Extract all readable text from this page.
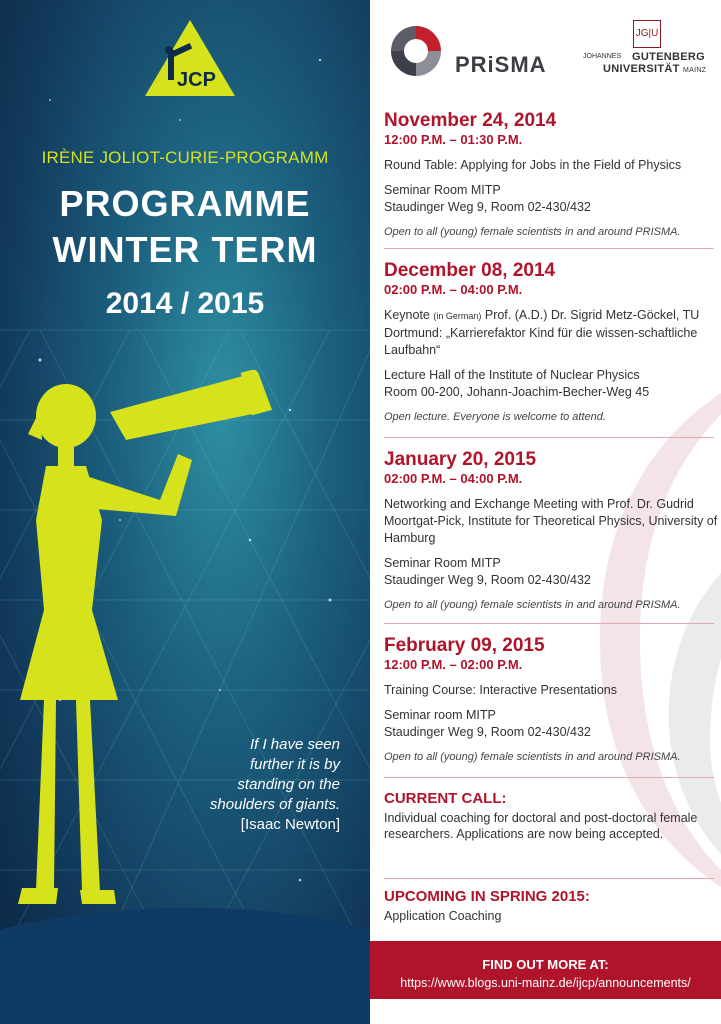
JCP
IRÈNE JOLIOT-CURIE-PROGRAMM
PROGRAMME
WINTER TERM
2014 / 2015
If I have seen
further it is by
standing on the
shoulders of giants.
[Isaac Newton]
PRiSMA
JG|U
JOHANNES GUTENBERG
UNIVERSITÄT MAINZ
November 24, 2014
12:00 P.M. – 01:30 P.M.

Round Table: Applying for Jobs in the Field of Physics

Seminar Room MITP
Staudinger Weg 9, Room 02-430/432

Open to all (young) female scientists in and around PRISMA.

December 08, 2014
02:00 P.M. – 04:00 P.M.

Keynote (in German) Prof. (A.D.) Dr. Sigrid Metz-Göckel, TU Dortmund: „Karrierefaktor Kind für die wissen-schaftliche Laufbahn“

Lecture Hall of the Institute of Nuclear Physics
Room 00-200, Johann-Joachim-Becher-Weg 45

Open lecture. Everyone is welcome to attend.

January 20, 2015
02:00 P.M. – 04:00 P.M.

Networking and Exchange Meeting with Prof. Dr. Gudrid Moortgat-Pick, Institute for Theoretical Physics, University of Hamburg

Seminar Room MITP
Staudinger Weg 9, Room 02-430/432

Open to all (young) female scientists in and around PRISMA.

February 09, 2015
12:00 P.M. – 02:00 P.M.

Training Course: Interactive Presentations

Seminar room MITP
Staudinger Weg 9, Room 02-430/432

Open to all (young) female scientists in and around PRISMA.

CURRENT CALL:
Individual coaching for doctoral and post-doctoral female researchers. Applications are now being accepted.
UPCOMING IN SPRING 2015:
Application Coaching
FIND OUT MORE AT:
https://www.blogs.uni-mainz.de/ijcp/announcements/
